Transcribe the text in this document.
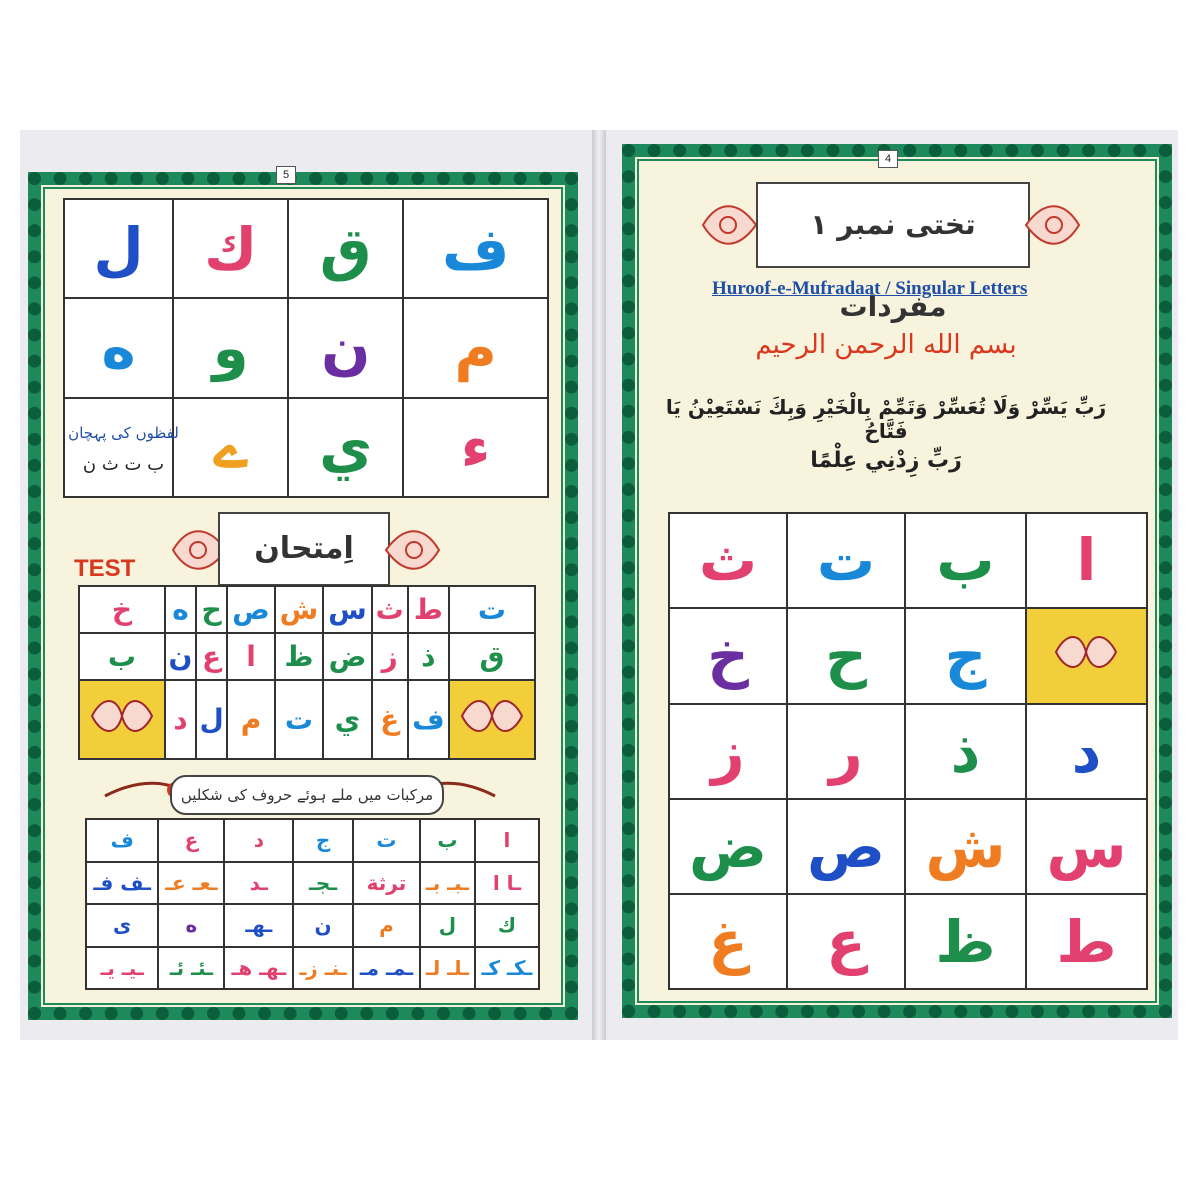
5
ل	ك	ق	ف
ه	و	ن	م
	ے	ي	ء
لفظوں کی پہچان
ب ت ث ن
اِمتحان
TEST
خ	ه	ح	ص	ش	س	ث	ط	ت
ب	ن	ع	ا	ظ	ض	ز	ذ	ق
	د	ل	م	ت	ي	غ	ف	
مرکبات میں ملے ہوئے حروف کی شکلیں
ف	ع	د	ج	ت	ب	ا
ـف فـ	ـعـ عـ	ـد	ـجـ	ترثة	ـبـ بـ	ـا ا
ی	ه	ـهـ	ن	م	ل	ك
ـيـ يـ	ـئـ ئـ	ـهـ هـ	ـنـ زـ	ـمـ مـ	ـلـ لـ	ـكـ كـ
4
تختی نمبر ۱ مفردات
Huroof-e-Mufradaat / Singular Letters
بسم الله الرحمن الرحيم
رَبِّ يَسِّرْ وَلَا تُعَسِّرْ وَتَمِّمْ بِالْخَيْرِ وَبِكَ نَسْتَعِيْنُ يَا فَتَّاحُ
رَبِّ زِدْنِي عِلْمًا
ث	ت	ب	ا
خ	ح	ج	
ز	ر	ذ	د
ض	ص	ش	س
غ	ع	ظ	ط
